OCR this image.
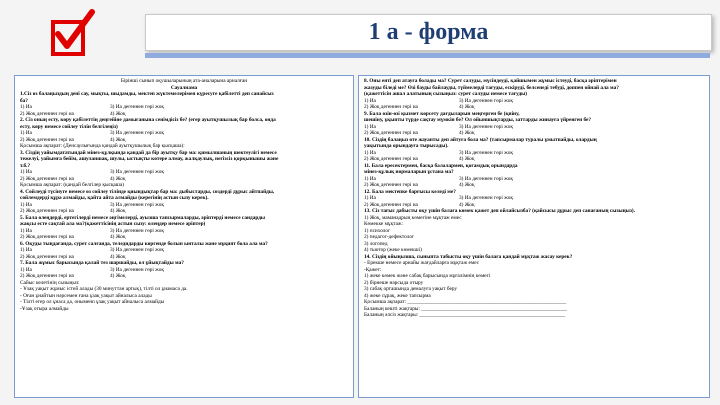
1 а - форма
Бірінші сынып оқушыларының ата-аналарына арналған
Сауалнама
1.Сіз өз балаңыздың дені сау, мықты, шыдамды, мектеп жүктемелерімен күресуге қабілетті деп санайсыз
ба?
1) Иа	3) Иа дегеннен гөрі жоқ
2) Жоқ дегеннен гөрі иа	4) Жоқ
2. Сіз оның есту, көру қабілеттің деңгейіне дамығанына сенімдісіз бе? (егер ауытқушылық бар болса, онда
есту, көру немесе сөйлеу тілін белгілеңіз)
1) Иа	3) Иа дегеннен гөрі жоқ
2) Жоқ дегеннен гөрі иа	4) Жоқ
Қосымша ақпарат: (Денсаулығында қандай ауытқушылық бар қысқаша):
3. Сіздің уайымдататындай мінез-құлқында қандай да бір ауытқу бар ма: қимылшаның шектеулігі немесе
тежелуі, уайымға бейім, ашуланшақ, шулы, ыстықты көтере алмау, жалқаулық, негізсіз қорқынышы және
т.б.?
1) Иа	3) Иа дегеннен гөрі жоқ
2) Жоқ дегеннен гөрі иа	4) Жоқ
Қосымша ақпарат: (қандай белгілер қысқаша)
4. Сөйлеуді түсінуге немесе өз сөйлеу тілінде қиындықтар бар ма: дыбыстарды, сөздерді дұрыс айтпайды,
сөйлемдерді құра алмайды, қайта айта алмайды (керегінің астын сызу керек).
1) Иа	3) Иа дегеннен гөрі жоқ
2) Жоқ дегеннен гөрі иа	4) Жоқ
5. Бала өлеңдерді, ертегілерді немесе әңгімелерді, ауызша тапсырмаларды, әріптерді немесе сандарды
жақсы есте сақтай ала ма?(қажеттісінің астын сызу: өлеңдер немесе әріптер)
1) Иа	3) Иа дегеннен гөрі жоқ
2) Жоқ дегеннен гөрі иа	4) Жоқ
6. Оқуды тыңдағанда, сурет салғанда, теледидарды көргенде болып ынталы және мұқият бола ала ма?
1) Иа	3) Иа дегеннен гөрі жоқ
2) Жоқ дегеннен гөрі иа	4) Жоқ
7. Бала жұмыс барысында қалай тез шаршайды, ол ұйықтайды ма?
1) Иа	3) Иа дегеннен гөрі жоқ
2) Жоқ дегеннен гөрі иа	4) Жоқ
Сайыс келетінің сызыңыз:
- Ұзақ уақыт жұмыс істей алады (30 минуттан артық), тілті ол ұнамаса да.
- Оған ұнайтын нәрсемен ғана ұзақ уақыт айналыса алады
- Тілті егер ол ұнаса да, оныменn ұзақ уақыт айналыса алмайды
-Ұзақ отыра алмайды
8. Оны енті деп атауға болады ма? Сурет салуды, мүсіндеуді, қайшымен жұмыс істеуді, басқа әріптерімен
жазуды біледі ме? Өзі бауды байлауды, түймелерді тағуды, ескіруді, белсенеді тебуді, доппен ойнай ала ма?
(қажеттісін ашал алатының сызыңыз: сурет салуды немесе тағуды)
1) Иа	3) Иа дегеннен гөрі жоқ
2) Жоқ дегеннен гөрі иа	4) Жоқ
9. Бала өзін-өзі қызмет көрсету дағдыларын меңгерген бе (қиіну,
шешіну, ұқыпты түрде сақтау мүмкін бе? Ол ойыншықтарды, заттарды жинауға үйренген бе?
1) Иа	3) Иа дегеннен гөрі жоқ
2) Жоқ дегеннен гөрі иа	4) Жоқ
10. Сіздің балаңыз өте жауапты деп айтуға бола ма? (тапсырмалар туралы ұмытпайды, олардың
уақытында орындауға тырысады).
1) Иа	3) Иа дегеннен гөрі жоқ
2) Жоқ дегеннен гөрі иа	4) Жоқ
11. Бала ересектермен, басқа балалармен, қоғамдық орындарда
мінез-құлық нормаларын ұстана ма?
1) Иа	3) Иа дегеннен гөрі жоқ
2) Жоқ дегеннен гөрі иа	4) Жоқ
12. Бала мектепке барғысы келеді ме?
1) Иа	3) Иа дегеннен гөрі жоқ
2) Жоқ дегеннен гөрі иа	4) Жоқ
13. Сіз тағыс дабысты оқу үшін балаға көмек қажет деп ойлайсызба? (қайсысы дұрыс деп санағаның сызыңыз).
1) Жоқ, маманадрың көмегіне мұқтаж емес
Көмекке мұқтаж:
1) психолог
2) педагог-дефектолог
3) логопед
4) тьютор (жеке көмекші)
14. Сіздің ойыңызша, сыныпта табысты оқу үшін балаға қандай мұқтаж жасау керек?
- Ерекше немесе арнайы жағдайларға мұқтаж емес
-Қажет:
1) жеке көмек және сабақ барысында мұғалімнің көмегі
2) бірнеше нәрсыда отыру
3) сабақ орташында демалуға уақыт беру
4) жеке сұрақ, жеке тапсырма
Қосымша ақпарат: ____________________________________________________________
Баланың кешті жақтары: _______________________________________________________
Баланың әлсіз жақтары: _______________________________________________________
